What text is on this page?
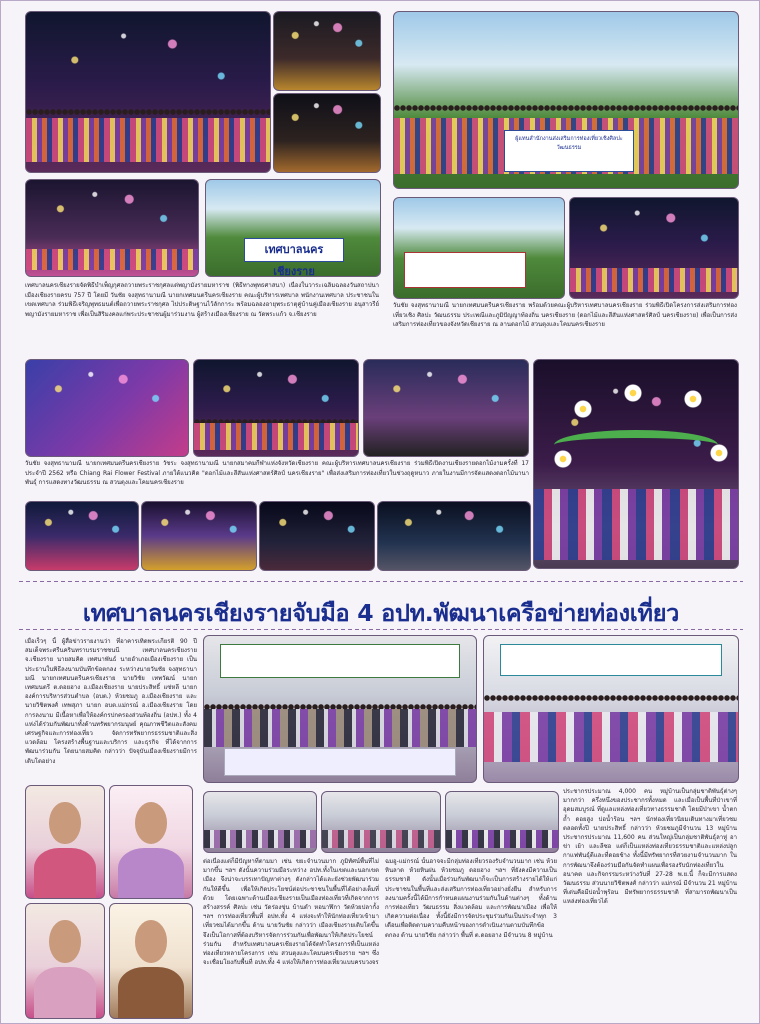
เทศบาลนครเชียงราย
เทศบาลนครเชียงรายจัดพิธีบำเพ็ญกุศลถวายพระราชกุศลแด่พญามังรายมหาราช (พิธีทางพุทธศาสนา) เนื่องในวาระเฉลิมฉลองวันสถาปนาเมืองเชียงรายครบ 757 ปี โดยมี วันชัย จงสุทธานามณี นายกเทศมนตรีนครเชียงราย คณะผู้บริหารเทศบาล พนักงานเทศบาล ประชาชนในเขตเทศบาล ร่วมพิธีเจริญพุทธมนต์เพื่อถวายพระราชกุศล ไปประดิษฐานไว้ลักการะ พร้อมฉลองอายุพระธาตุคู่บ้านคู่เมืองเชียงราย อนุสาวรีย์พญามังรายมหาราช เพื่อเป็นสิริมงคลแก่พระประชาชนผู้มาร่วมงาน ผู้สร้างเมืองเชียงราย ณ วัดพระแก้ว จ.เชียงราย
ผู้แทนสำนักงานส่งเสริมการท่องเที่ยวเชิงศิลปะ วัฒนธรรม
วันชัย จงสุทธานามณี นายกเทศมนตรีนครเชียงราย พร้อมด้วยคณะผู้บริหารเทศบาลนครเชียงราย ร่วมพิธีเปิดโครงการส่งเสริมการท่องเที่ยวเชิง ศิลปะ วัฒนธรรม ประเพณีและภูมิปัญญาท้องถิ่น นครเชียงราย (ดอกไม้และสีสันแห่งศาสตร์ศิลป์ นครเชียงราย) เพื่อเป็นการส่งเสริมการท่องเที่ยวของจังหวัดเชียงราย ณ ลานดอกไม้ สวนตุงและโคมนครเชียงราย
วันชัย จงสุทธานามณี นายกเทศมนตรีนครเชียงราย วัชระ จงสุทธานามณี นายกสมาคมกีฬาแห่งจังหวัดเชียงราย คณะผู้บริหารเทศบาลนครเชียงราย ร่วมพิธีเปิดงานเชียงรายดอกไม้งามครั้งที่ 17 ประจำปี 2562 หรือ Chiang Rai Flower Festival ภายใต้แนวคิด "ดอกไม้และสีสันแห่งศาสตร์ศิลป์ นครเชียงราย" เพื่อส่งเสริมการท่องเที่ยวในช่วงฤดูหนาว ภายในงานมีการจัดแสดงดอกไม้นานาพันธุ์ การแสดงทางวัฒนธรรม ณ สวนตุงและโคมนครเชียงราย
เทศบาลนครเชียงรายจับมือ 4 อปท.พัฒนาเครือข่ายท่องเที่ยว
เมื่อเร็วๆ นี้ ผู้สื่อข่าวรายงานว่า ที่อาคารเทิดพระเกียรติ 90 ปี สมเด็จพระศรีนครินทราบรมราชชนนี เทศบาลนครเชียงราย จ.เชียงราย นายสมคิด เทศนาพันธ์ นายอำเภอเมืองเชียงราย เป็นประธานในพิธีลงนามบันทึกข้อตกลง ระหว่างนายวันชัย จงสุทธานามณี นายกเทศมนตรีนครเชียงราย นายวิชัย เทพวัฒน์ นายกเทศมนตรี ต.ดอยฮาง อ.เมืองเชียงราย นายประสิทธิ์ แซ่หลี นายกองค์การบริหารส่วนตำบล (อบต.) ห้วยชมภู อ.เมืองเชียงราย และนายวิชิตพงศ์ เทพสุภา นายก อบต.แม่กรณ์ อ.เมืองเชียงราย โดยการลงนาม มีเนื้อหาเพื่อให้องค์กรปกครองส่วนท้องถิ่น (อปท.) ทั้ง 4 แห่งได้ร่วมกันพัฒนาทั้งด้านทรัพยากรมนุษย์ คุณภาพชีวิตและสังคม เศรษฐกิจและการท่องเที่ยว จัดการทรัพยากรธรรมชาติและสิ่งแวดล้อม โครงสร้างพื้นฐานและบริการ และธุรกิจ ที่ได้จากการพัฒนาร่วมกัน โดยนายสมคิด กล่าวว่า ปัจจุบันเมืองเชียงรายมีการเติบโตอย่าง
ต่อเนื่องแต่ก็มีปัญหาที่ตามมา เช่น ขยะจำนวนมาก ภูมิทัศน์พื้นที่ไม่มากขึ้น ฯลฯ ดังนั้นความร่วมมือระหว่าง อปท.ทั้งในเขตและนอกเขตเมือง จึงน่าจะบรรเทาปัญหาต่างๆ ดังกล่าวได้และยังช่วยพัฒนาร่วมกันให้ดีขึ้น เพื่อให้เกิดประโยชน์ต่อประชาชนในพื้นที่ได้อย่างเต็มที่ ด้วย โดยเฉพาะด้านเมืองเชียงรายเป็นเมืองท่องเที่ยวที่เกิดจากการสร้างสรรค์ ศิลปะ เช่น วัดร่องขุ่น บ้านดำ หอนาฬิกา วัดห้วยปลากั้ง ฯลฯ การท่องเที่ยวพื้นที่ อปท.ทั้ง 4 แห่งจะทำให้นักท่องเที่ยวเข้ามาเที่ยวชมได้มากขึ้น ด้าน นายวันชัย กล่าวว่า เมืองเชียงรายเติบโตขึ้นจึงเป็นโอกาสที่ต้องบริหารจัดการร่วมกันเพื่อพัฒนาให้เกิดประโยชน์ร่วมกัน สำหรับเทศบาลนครเชียงรายได้จัดทำโครงการที่เป็นแหล่งท่องเที่ยวหลายโครงการ เช่น สวนตุงและโคมนครเชียงราย ฯลฯ ซึ่งจะเชื่อมโยงกับพื้นที่ อปท.ทั้ง 4 แห่งให้เกิดการท่องเที่ยวแบบครบวงจร
ฉมอู-แม่กรณ์ นั้นอาจจะมีกลุ่มท่องเที่ยวรองรับจำนวนมาก เช่น ห้วยหินลาด ห้วยหินฝน ห้วยชมภู ดอยฮาง ฯลฯ ที่ยังคงมีความเป็นธรรมชาติ ดังนั้นเมื่อร่วมกันพัฒนาก็จะเป็นการสร้างรายได้ให้แก่ประชาชนในพื้นที่และส่งเสริมการท่องเที่ยวอย่างยั่งยืน สำหรับการลงนามครั้งนี้ได้มีการกำหนดแผนงานร่วมกันในด้านต่างๆ ทั้งด้านการท่องเที่ยว วัฒนธรรม สิ่งแวดล้อม และการพัฒนาเมือง เพื่อให้เกิดความต่อเนื่อง ทั้งนี้ยังมีการจัดประชุมร่วมกันเป็นประจำทุก 3 เดือนเพื่อติดตามความคืบหน้าของการดำเนินงานตามบันทึกข้อตกลง ด้าน นายวิชัย กล่าวว่า พื้นที่ ต.ดอยฮาง มีจำนวน 8 หมู่บ้าน
ประชากรประมาณ 4,000 คน หมู่บ้านเป็นกลุ่มชาติพันธุ์ต่างๆ มากกว่า ครึ่งหนึ่งของประชากรทั้งหมด และเมื่อเป็นพื้นที่ป่าเขาที่อุดมสมบูรณ์ ที่ดูแลแหล่งท่องเที่ยวทางธรรมชาติ โดยมีป่าเขา น้ำตก ถ้ำ ดอยสูง บ่อน้ำร้อน ฯลฯ นักท่องเที่ยวนิยมเดินทางมาเที่ยวชมตลอดทั้งปี นายประสิทธิ์ กล่าวว่า ห้วยชมภูมีจำนวน 13 หมู่บ้าน ประชากรประมาณ 11,600 คน ส่วนใหญ่เป็นกลุ่มชาติพันธุ์ลาหู่ อาข่า เย้า และลีซอ แต่ก็เป็นแหล่งท่องเที่ยวธรรมชาติและแหล่งปลูกกาแฟพันธุ์ดีและที่ดอยช้าง ทั้งนี้มีทรัพยากรที่สวยงามจำนวนมาก ในการพัฒนาจึงต้องร่วมมือกันจัดทำแผนเพื่อรองรับนักท่องเที่ยวในอนาคต และกิจกรรมระหว่างวันที่ 27-28 พ.ย.นี้ ก็จะมีการแสดงวัฒนธรรม ส่วนนายวิชิตพงศ์ กล่าวว่า แม่กรณ์ มีจำนวน 21 หมู่บ้าน ที่เด่นคือมีบ่อน้ำพุร้อน มีทรัพยากรธรรมชาติ ที่สามารถพัฒนาเป็นแหล่งท่องเที่ยวได้
